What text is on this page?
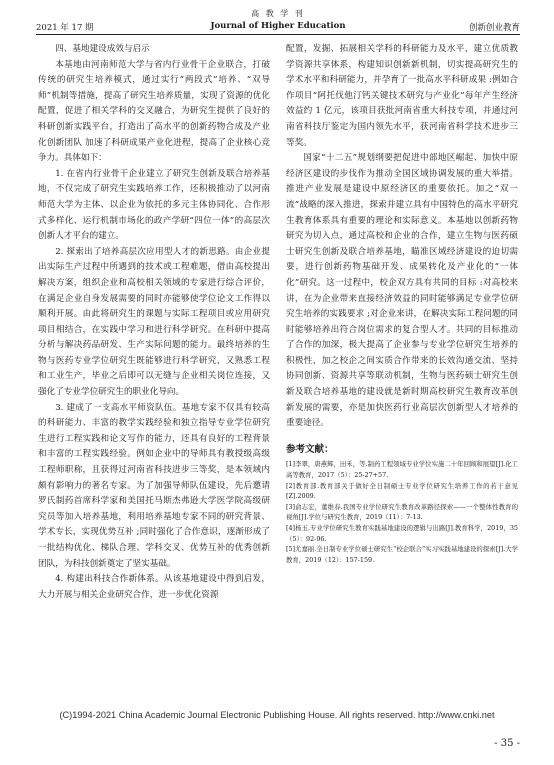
高 教 学 刊
2021 年 17 期	Journal of Higher Education	创新创业教育

四、基地建设成效与启示

本基地由河南师范大学与省内行业骨干企业联合，打破传统的研究生培养模式，通过实行“两段式”培养、“双导师”机制等措施，提高了研究生培养质量，实现了资源的优化配置，促进了相关学科的交叉融合，为研究生提供了良好的科研创新实践平台，打造出了高水平的创新药物合成及产业化创新团队 加速了科研成果产业化进程，提高了企业核心竞争力。具体如下：

1. 在省内行业骨干企业建立了研究生创新及联合培养基地，不仅完成了研究生实践培养工作，还积极推动了以河南师范大学为主体、以企业为依托的多元主体协同化、合作形式多样化、运行机制市场化的政产学研“四位一体”的高层次创新人才平台的建立。

2. 探索出了培养高层次应用型人才的新思路。由企业提出实际生产过程中所遇到的技术或工程难题，借由高校提出解决方案，组织企业和高校相关领域的专家进行综合评价，在满足企业自身发展需要的同时亦能够使学位论文工作得以顺利开展。由此将研究生的课题与实际工程项目或应用研究项目相结合，在实践中学习和进行科学研究。在科研中提高分析与解决药品研发、生产实际问题的能力。最终培养的生物与医药专业学位研究生既能够进行科学研究，又熟悉工程和工业生产，毕业之后即可以无缝与企业相关岗位连接，又强化了专业学位研究生的职业化导向。

3. 建成了一支高水平师资队伍。基地专家不仅具有较高的科研能力、丰富的教学实践经验和独立指导专业学位研究生进行工程实践和论文写作的能力，还具有良好的工程背景和丰富的工程实践经验。例如企业中的导师具有教授级高级工程师职称，且获得过河南省科技进步三等奖，是本领域内颇有影响力的著名专家。为了加强导师队伍建设，先后邀请罗氏制药首席科学家和美国托马斯杰弗逊大学医学院高级研究员等加入培养基地，利用培养基地专家不同的研究背景、学术专长，实现优势互补 ;同时强化了合作意识，逐渐形成了一批结构优化、梯队合理、学科交叉、优势互补的优秀创新团队，为科技创新奠定了坚实基础。

4. 构建出科技合作新体系。从该基地建设中得到启发，大力开展与相关企业研究合作，进一步优化资源

配置，发掘、拓展相关学科的科研能力及水平，建立优质教学资源共享体系，构建知识创新新机制，切实提高研究生的学术水平和科研能力，并孕育了一批高水平科研成果 :例如合作项目“阿托伐他汀钙关键技术研究与产业化”每年产生经济效益约 1 亿元，该项目获批河南省重大科技专项，并通过河南省科技厅鉴定为国内领先水平，获河南省科学技术进步三等奖。

国家“十二五”规划纲要把促进中部地区崛起、加快中原经济区建设的步伐作为推动全国区域协调发展的重大举措。推进产业发展是建设中原经济区的重要依托。加之“双一流”战略的深入推进，探索并建立具有中国特色的高水平研究生教育体系具有重要的理论和实际意义。本基地以创新药物研究为切入点，通过高校和企业的合作，建立生物与医药硕士研究生创新及联合培养基地，瞄准区域经济建设的迫切需要，进行创新药物基础开发、成果转化及产业化的“一体化”研究。这一过程中，校企双方具有共同的目标 :对高校来讲，在为企业带来直接经济效益的同时能够满足专业学位研究生培养的实践要求 ;对企业来讲，在解决实际工程问题的同时能够培养出符合岗位需求的复合型人才。共同的目标推动了合作的加深，极大提高了企业参与专业学位研究生培养的积极性，加之校企之间实质合作带来的长效沟通交流、坚持协同创新、资源共享等联动机制，生物与医药硕士研究生创新及联合培养基地的建设就是新时期高校研究生教育改革创新发展的需要，亦是加快医药行业高层次创新型人才培养的重要途径。

参考文献：

[1]李翠，唐燕辉，田禾，等.制药工程领域专业学位实施二十年回顾和展望[J].化工高等教育，2017（5）：25-27+57.

[2]教育部.教育部关于做好全日制硕士专业学位研究生培养工作的若干意见[Z].2009.

[3]俞志宏，董维春.我国专业学位研究生教育改革路径探索——一个整体性教育的视角[J].学位与研究生教育，2019（11）：7-13.

[4]杨玉.专业学位研究生教育实践基地建设的逻辑与出路[J].教育科学，2019，35（5）：92-96.

[5]尤嘉丽.全日制专业学位硕士研究生“校企联合”实习实践基地建设的探索[J].大学教育，2019（12）：157-159.

(C)1994-2021 China Academic Journal Electronic Publishing House. All rights reserved. http://www.cnki.net
- 35 -
